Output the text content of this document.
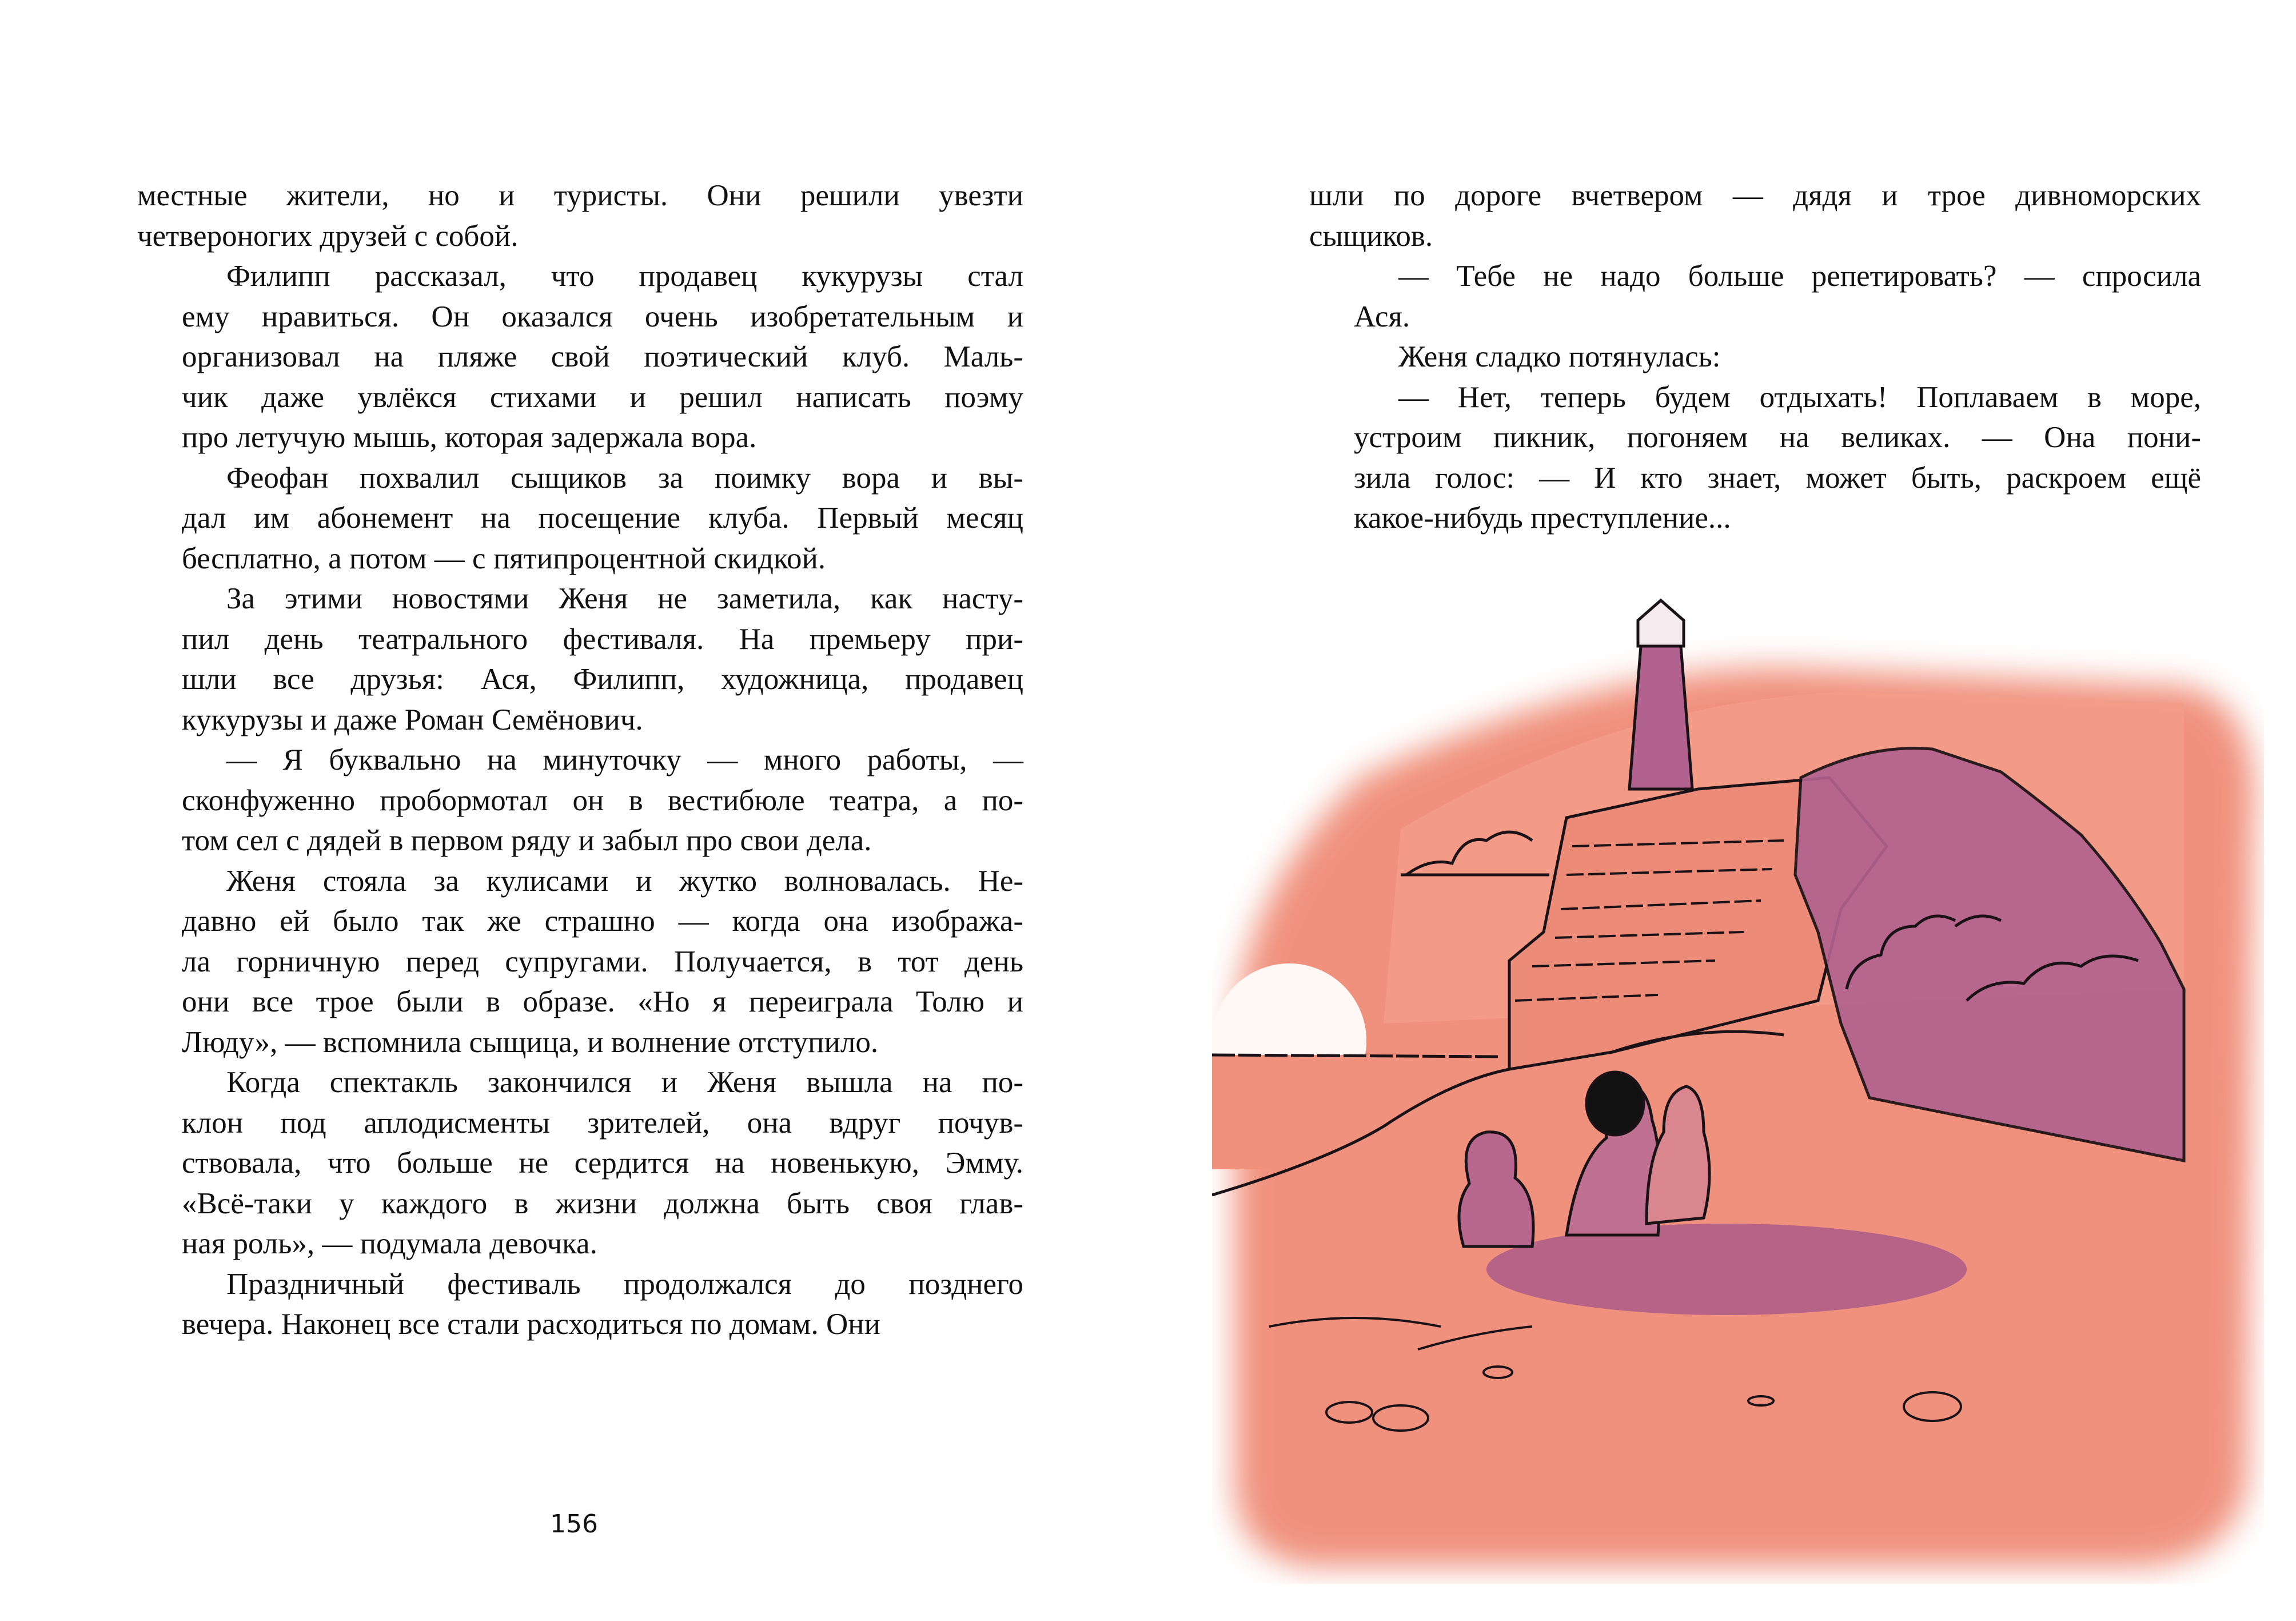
местные жители, но и туристы. Они решили увезти
четвероногих друзей с собой.
Филипп рассказал, что продавец кукурузы стал
ему нравиться. Он оказался очень изобретательным и
организовал на пляже свой поэтический клуб. Маль-
чик даже увлёкся стихами и решил написать поэму
про летучую мышь, которая задержала вора.
Феофан похвалил сыщиков за поимку вора и вы-
дал им абонемент на посещение клуба. Первый месяц
бесплатно, а потом — с пятипроцентной скидкой.
За этими новостями Женя не заметила, как насту-
пил день театрального фестиваля. На премьеру при-
шли все друзья: Ася, Филипп, художница, продавец
кукурузы и даже Роман Семёнович.
— Я буквально на минуточку — много работы, —
сконфуженно пробормотал он в вестибюле театра, а по-
том сел с дядей в первом ряду и забыл про свои дела.
Женя стояла за кулисами и жутко волновалась. Не-
давно ей было так же страшно — когда она изобража-
ла горничную перед супругами. Получается, в тот день
они все трое были в образе. «Но я переиграла Толю и
Люду», — вспомнила сыщица, и волнение отступило.
Когда спектакль закончился и Женя вышла на по-
клон под аплодисменты зрителей, она вдруг почув-
ствовала, что больше не сердится на новенькую, Эмму.
«Всё-таки у каждого в жизни должна быть своя глав-
ная роль», — подумала девочка.
Праздничный фестиваль продолжался до позднего
вечера. Наконец все стали расходиться по домам. Они
156
шли по дороге вчетвером — дядя и трое дивноморских
сыщиков.
— Тебе не надо больше репетировать? — спросила
Ася.
Женя сладко потянулась:
— Нет, теперь будем отдыхать! Поплаваем в море,
устроим пикник, погоняем на великах. — Она пони-
зила голос: — И кто знает, может быть, раскроем ещё
какое-нибудь преступление...
